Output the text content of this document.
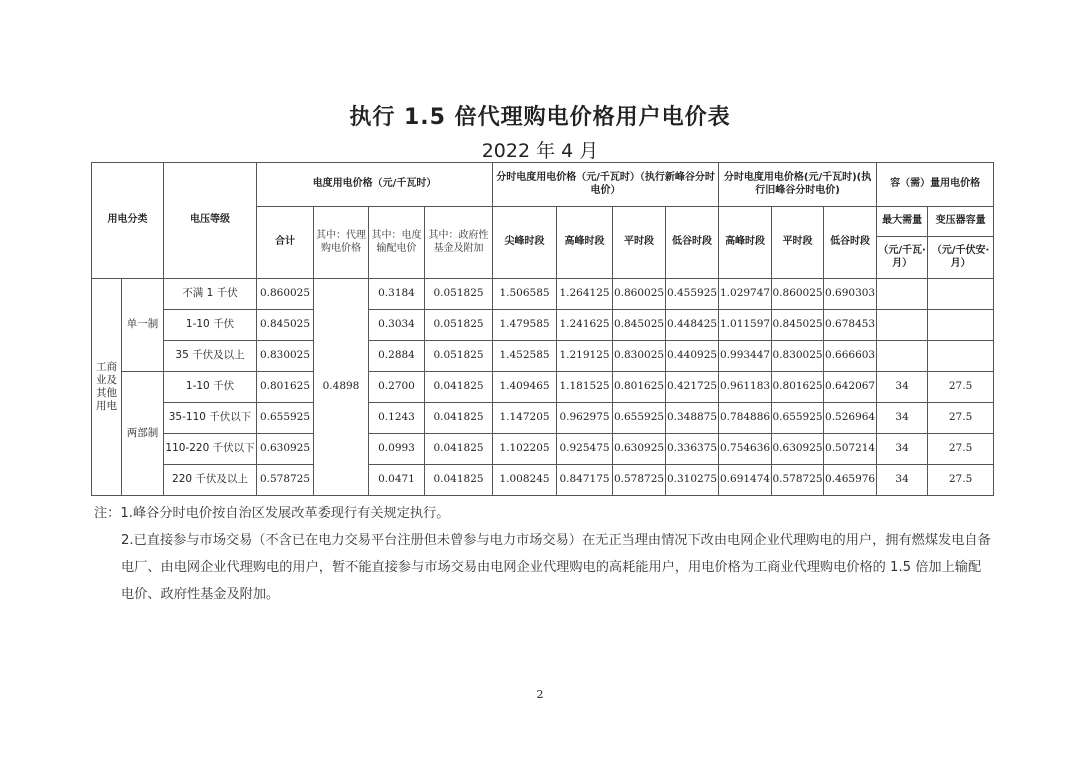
执行 1.5 倍代理购电价格用户电价表
2022 年 4 月
用电分类		电压等级	电度用电价格（元/千瓦时）				分时电度用电价格（元/千瓦时）（执行新峰谷分时电价）				分时电度用电价格(元/千瓦时)(执行旧峰谷分时电价)			容（需）量用电价格	
			合计	其中：代理购电价格	其中：电度输配电价	其中：政府性基金及附加	尖峰时段	高峰时段	平时段	低谷时段	高峰时段	平时段	低谷时段	最大需量	变压器容量
														（元/千瓦·月）	（元/千伏安·月）
工商业及其他用电	单一制	不满 1 千伏	0.860025	0.4898	0.3184	0.051825	1.506585	1.264125	0.860025	0.455925	1.029747	0.860025	0.690303		
		1-10 千伏	0.845025		0.3034	0.051825	1.479585	1.241625	0.845025	0.448425	1.011597	0.845025	0.678453		
		35 千伏及以上	0.830025		0.2884	0.051825	1.452585	1.219125	0.830025	0.440925	0.993447	0.830025	0.666603		
	两部制	1-10 千伏	0.801625		0.2700	0.041825	1.409465	1.181525	0.801625	0.421725	0.961183	0.801625	0.642067	34	27.5
		35-110 千伏以下	0.655925		0.1243	0.041825	1.147205	0.962975	0.655925	0.348875	0.784886	0.655925	0.526964	34	27.5
		110-220 千伏以下	0.630925		0.0993	0.041825	1.102205	0.925475	0.630925	0.336375	0.754636	0.630925	0.507214	34	27.5
		220 千伏及以上	0.578725		0.0471	0.041825	1.008245	0.847175	0.578725	0.310275	0.691474	0.578725	0.465976	34	27.5

注：1.峰谷分时电价按自治区发展改革委现行有关规定执行。

2.已直接参与市场交易（不含已在电力交易平台注册但未曾参与电力市场交易）在无正当理由情况下改由电网企业代理购电的用户，拥有燃煤发电自备电厂、由电网企业代理购电的用户，暂不能直接参与市场交易由电网企业代理购电的高耗能用户，用电价格为工商业代理购电价格的 1.5 倍加上输配电价、政府性基金及附加。

2
